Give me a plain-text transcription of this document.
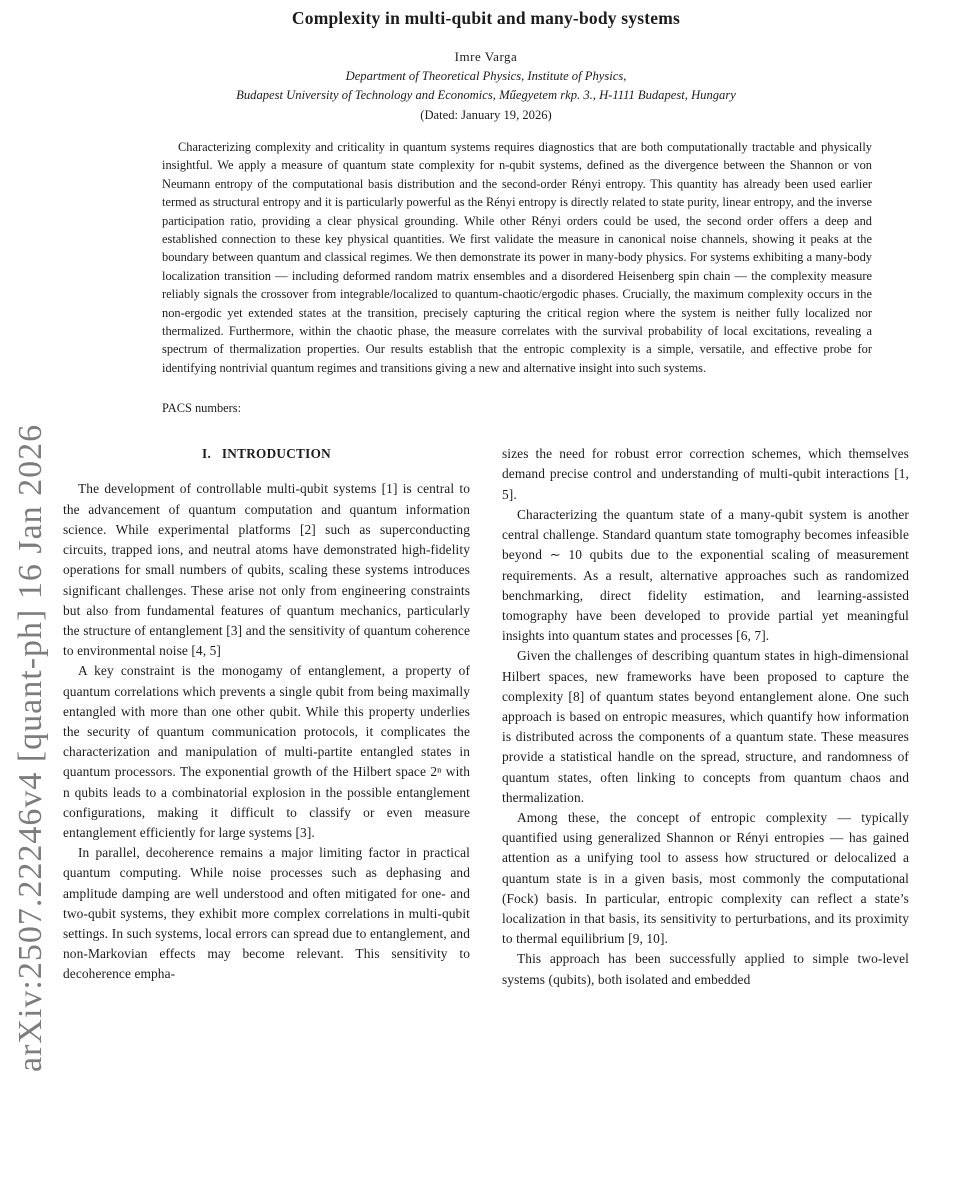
arXiv:2507.22246v4 [quant-ph] 16 Jan 2026
Complexity in multi-qubit and many-body systems
Imre Varga
Department of Theoretical Physics, Institute of Physics,
Budapest University of Technology and Economics, Műegyetem rkp. 3., H-1111 Budapest, Hungary
(Dated: January 19, 2026)

Characterizing complexity and criticality in quantum systems requires diagnostics that are both computationally tractable and physically insightful. We apply a measure of quantum state complexity for n-qubit systems, defined as the divergence between the Shannon or von Neumann entropy of the computational basis distribution and the second-order Rényi entropy. This quantity has already been used earlier termed as structural entropy and it is particularly powerful as the Rényi entropy is directly related to state purity, linear entropy, and the inverse participation ratio, providing a clear physical grounding. While other Rényi orders could be used, the second order offers a deep and established connection to these key physical quantities. We first validate the measure in canonical noise channels, showing it peaks at the boundary between quantum and classical regimes. We then demonstrate its power in many-body physics. For systems exhibiting a many-body localization transition — including deformed random matrix ensembles and a disordered Heisenberg spin chain — the complexity measure reliably signals the crossover from integrable/localized to quantum-chaotic/ergodic phases. Crucially, the maximum complexity occurs in the non-ergodic yet extended states at the transition, precisely capturing the critical region where the system is neither fully localized nor thermalized. Furthermore, within the chaotic phase, the measure correlates with the survival probability of local excitations, revealing a spectrum of thermalization properties. Our results establish that the entropic complexity is a simple, versatile, and effective probe for identifying nontrivial quantum regimes and transitions giving a new and alternative insight into such systems.

PACS numbers:
I.   INTRODUCTION

The development of controllable multi-qubit systems [1] is central to the advancement of quantum computation and quantum information science. While experimental platforms [2] such as superconducting circuits, trapped ions, and neutral atoms have demonstrated high-fidelity operations for small numbers of qubits, scaling these systems introduces significant challenges. These arise not only from engineering constraints but also from fundamental features of quantum mechanics, particularly the structure of entanglement [3] and the sensitivity of quantum coherence to environmental noise [4, 5]

A key constraint is the monogamy of entanglement, a property of quantum correlations which prevents a single qubit from being maximally entangled with more than one other qubit. While this property underlies the security of quantum communication protocols, it complicates the characterization and manipulation of multi-partite entangled states in quantum processors. The exponential growth of the Hilbert space 2ⁿ with n qubits leads to a combinatorial explosion in the possible entanglement configurations, making it difficult to classify or even measure entanglement efficiently for large systems [3].

In parallel, decoherence remains a major limiting factor in practical quantum computing. While noise processes such as dephasing and amplitude damping are well understood and often mitigated for one- and two-qubit systems, they exhibit more complex correlations in multi-qubit settings. In such systems, local errors can spread due to entanglement, and non-Markovian effects may become relevant. This sensitivity to decoherence empha-

sizes the need for robust error correction schemes, which themselves demand precise control and understanding of multi-qubit interactions [1, 5].

Characterizing the quantum state of a many-qubit system is another central challenge. Standard quantum state tomography becomes infeasible beyond ∼ 10 qubits due to the exponential scaling of measurement requirements. As a result, alternative approaches such as randomized benchmarking, direct fidelity estimation, and learning-assisted tomography have been developed to provide partial yet meaningful insights into quantum states and processes [6, 7].

Given the challenges of describing quantum states in high-dimensional Hilbert spaces, new frameworks have been proposed to capture the complexity [8] of quantum states beyond entanglement alone. One such approach is based on entropic measures, which quantify how information is distributed across the components of a quantum state. These measures provide a statistical handle on the spread, structure, and randomness of quantum states, often linking to concepts from quantum chaos and thermalization.

Among these, the concept of entropic complexity — typically quantified using generalized Shannon or Rényi entropies — has gained attention as a unifying tool to assess how structured or delocalized a quantum state is in a given basis, most commonly the computational (Fock) basis. In particular, entropic complexity can reflect a state’s localization in that basis, its sensitivity to perturbations, and its proximity to thermal equilibrium [9, 10].

This approach has been successfully applied to simple two-level systems (qubits), both isolated and embedded
